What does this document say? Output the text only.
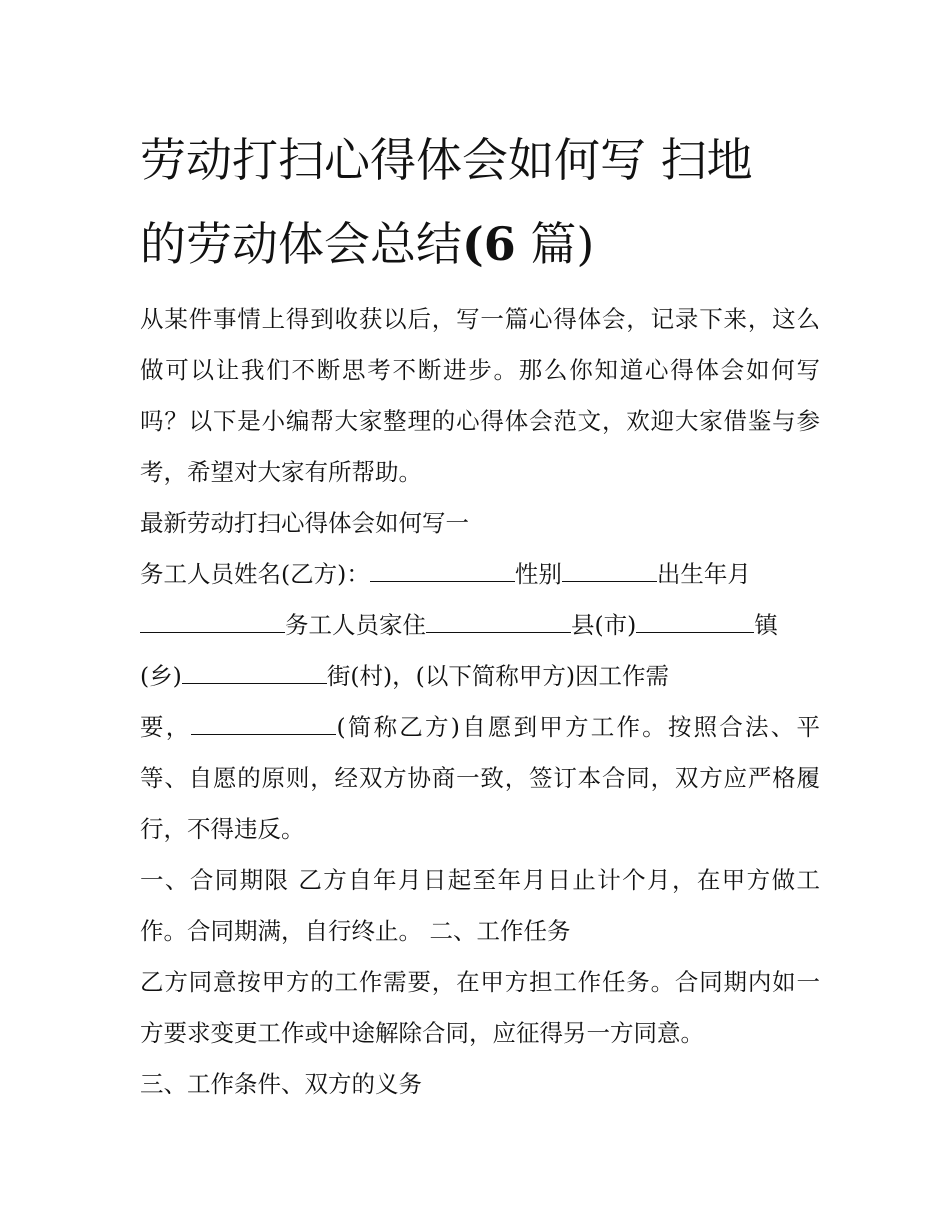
劳动打扫心得体会如何写 扫地
的劳动体会总结(6 篇)

从某件事情上得到收获以后，写一篇心得体会，记录下来，这么做可以让我们不断思考不断进步。那么你知道心得体会如何写吗？以下是小编帮大家整理的心得体会范文，欢迎大家借鉴与参考，希望对大家有所帮助。

最新劳动打扫心得体会如何写一

务工人员姓名(乙方)：	性别	出生年月
务工人员家住	县(市)	镇
(乡)	街(村)，(以下简称甲方)因工作需
要，	(简称乙方)自愿到甲方工作。按照合法、平等、自愿的原则，经双方协商一致，签订本合同，双方应严格履行，不得违反。

一、合同期限 乙方自年月日起至年月日止计个月，在甲方做工作。合同期满，自行终止。 二、工作任务

乙方同意按甲方的工作需要，在甲方担工作任务。合同期内如一方要求变更工作或中途解除合同，应征得另一方同意。

三、工作条件、双方的义务
